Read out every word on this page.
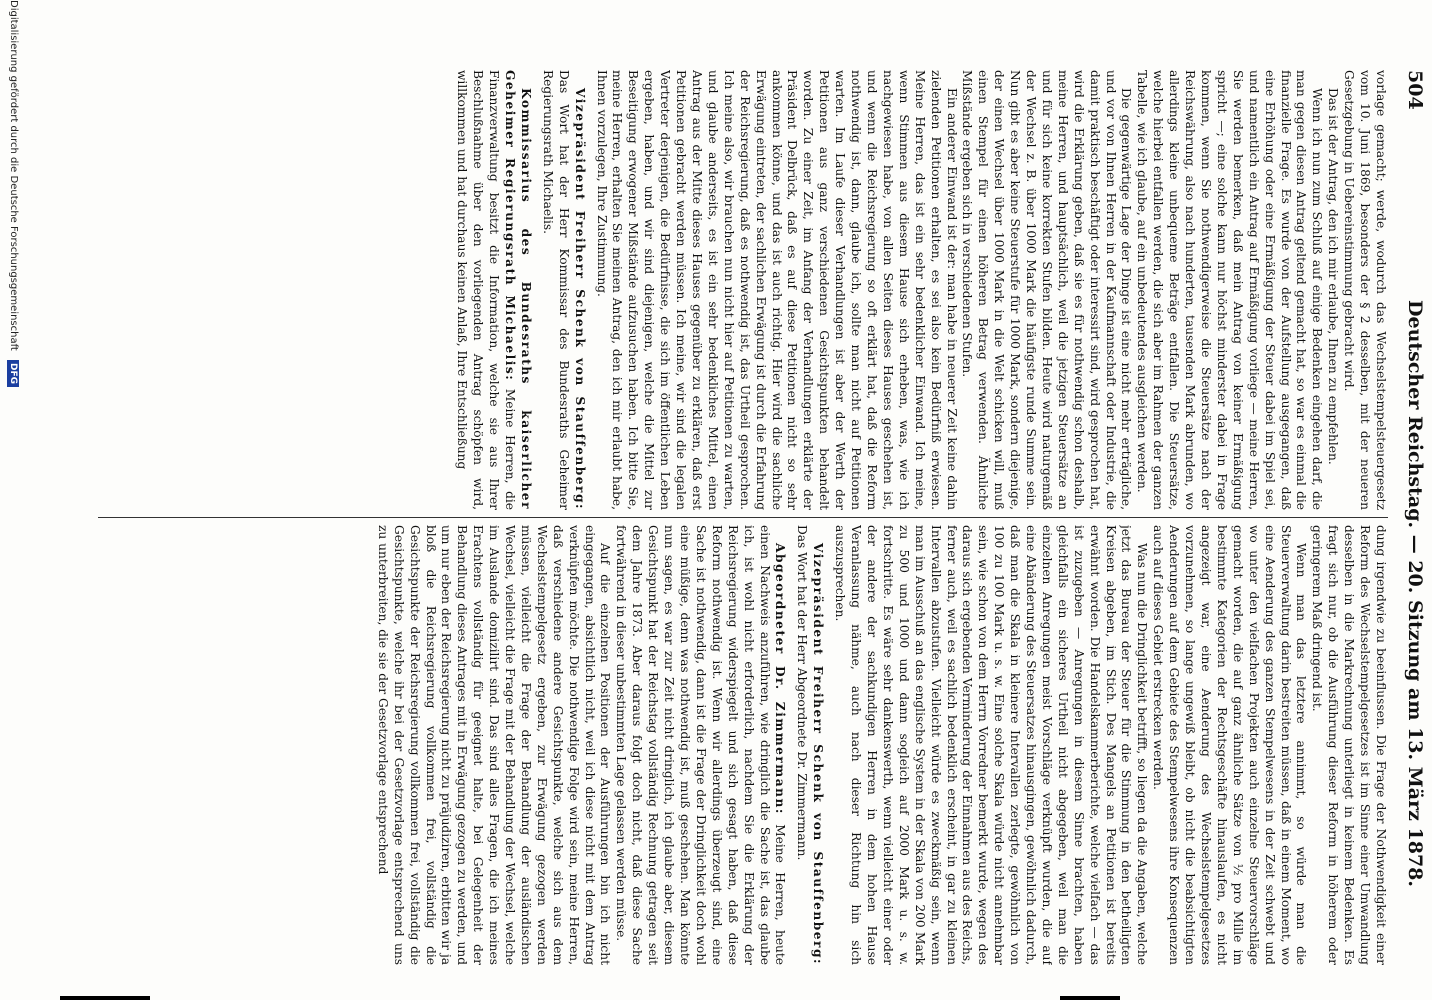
504
Deutscher Reichstag. — 20. Sitzung am 13. März 1878.

vorlage gemacht; werde, wodurch das Wechselstempelsteuergesetz vom 10. Juni 1869, besonders der § 2 desselben, mit der neueren Gesetzgebung in Uebereinstimmung gebracht wird.

Das ist der Antrag, den ich mir erlaube, Ihnen zu empfehlen.

Wenn ich nun zum Schluß auf einige Bedenken eingehen darf, die man gegen diesen Antrag geltend gemacht hat, so war es einmal die finanzielle Frage. Es wurde von der Aufstellung ausgegangen, daß eine Erhöhung oder eine Ermäßigung der Steuer dabei im Spiel sei, und namentlich ein Antrag auf Ermäßigung vorliege — meine Herren, Sie werden bemerken, daß mein Antrag von keiner Ermäßigung spricht —; eine solche kann nur höchst minderster dabei in Frage kommen, wenn Sie nothwendigerweise die Steuersätze nach der Reichswährung, also nach hunderten, tausenden Mark abrunden, wo allerdings kleine unbequeme Beträge entfallen. Die Steuersätze, welche hierbei entfallen werden, die sich aber im Rahmen der ganzen Tabelle, wie ich glaube, auf ein unbedeutendes ausgleichen werden.

Die gegenwärtige Lage der Dinge ist eine nicht mehr erträgliche, und vor von Ihnen Herren in der Kaufmannschaft oder Industrie, die damit praktisch beschäftigt oder interessirt sind, wird gesprochen hat, wird die Erklärung geben, daß sie es für nothwendig schon deshalb, meine Herren, und hauptsächlich, weil die jetzigen Steuersätze an und für sich keine korrekten Stufen bilden. Heute wird naturgemäß der Wechsel z. B. über 1000 Mark die häufigste runde Summe sein. Nun gibt es aber keine Steuerstufe für 1000 Mark, sondern diejenige, der einen Wechsel über 1000 Mark in die Welt schicken will, muß einen Stempel für einen höheren Betrag verwenden. Ähnliche Mißstände ergeben sich in verschiedenen Stufen.

Ein anderer Einwand ist der: man habe in neuerer Zeit keine dahin zielenden Petitionen erhalten, es sei also kein Bedürfniß erwiesen. Meine Herren, das ist ein sehr bedenklicher Einwand. Ich meine, wenn Stimmen aus diesem Hause sich erheben, was, wie ich nachgewiesen habe, von allen Seiten dieses Hauses geschehen ist, und wenn die Reichsregierung so oft erklärt hat, daß die Reform nothwendig ist, dann, glaube ich, sollte man nicht auf Petitionen warten. Im Laufe dieser Verhandlungen ist aber der Werth der Petitionen aus ganz verschiedenen Gesichtspunkten behandelt worden. Zu einer Zeit, im Anfang der Verhandlungen erklärte der Präsident Delbrück, daß es auf diese Petitionen nicht so sehr ankommen könne, und das ist auch richtig. Hier wird die sachliche Erwägung eintreten, der sachlichen Erwägung ist durch die Erfahrung der Reichsregierung, daß es nothwendig ist, das Urtheil gesprochen. Ich meine also, wir brauchen nun nicht hier auf Petitionen zu warten, und glaube anderseits, es ist ein sehr bedenkliches Mittel, einen Antrag aus der Mitte dieses Hauses gegenüber zu erklären, daß erst Petitionen gebracht werden müssen. Ich meine, wir sind die legalen Vertreter derjenigen, die Bedürfnisse, die sich im öffentlichen Leben ergeben, haben, und wir sind diejenigen, welche die Mittel zur Beseitigung erwogener Mißstände aufzusuchen haben. Ich bitte Sie, meine Herren, erhalten Sie meinen Antrag, den ich mir erlaubt habe, Ihnen vorzulegen, Ihre Zustimmung.

Vizepräsident Freiherr Schenk von Stauffenberg: Das Wort hat der Herr Kommissar des Bundesraths Geheimer Regierungsrath Michaelis.

Kommissarius des Bundesraths kaiserlicher Geheimer Regierungsrath Michaelis: Meine Herren, die Finanzverwaltung besitzt die Information, welche sie aus Ihrer Beschlußnahme über den vorliegenden Antrag schöpfen wird, willkommen und hat durchaus keinen Anlaß, Ihre Entschließung

dung irgendwie zu beeinflussen. Die Frage der Nothwendigkeit einer Reform des Wechselstempelgesetzes ist im Sinne einer Umwandlung desselben in die Markrechnung unterliegt in keinem Bedenken. Es fragt sich nur, ob die Ausführung dieser Reform in höherem oder geringerem Maß dringend ist.

Wenn man das letztere annimmt, so würde man die Steuerverwaltung darin bestreiten müssen, daß in einem Moment, wo eine Aenderung des ganzen Stempelwesens in der Zeit schwebt und wo unter den vielfachen Projekten auch einzelne Steuervorschläge gemacht worden, die auf ganz ähnliche Sätze von ½ pro Mille im bestimmte Kategorien der Rechtsgeschäfte hinauslaufen, es nicht angezeigt war, eine Aenderung des Wechselstempelgesetzes vorzunehmen, so lange ungewiß bleibt, ob nicht die beabsichtigten Aenderungen auf dem Gebiete des Stempelwesens ihre Konsequenzen auch auf dieses Gebiet erstrecken werden.

Was nun die Dringlichkeit betrifft, so liegen da die Angaben, welche jetzt das Bureau der Steuer für die Stimmung in den betheiligten Kreisen abgeben, im Stich. Des Mangels an Petitionen ist bereits erwähnt worden. Die Handelskammerberichte, welche vielfach — das ist zuzugeben — Anregungen in diesem Sinne brachten, haben gleichfalls ein sicheres Urtheil nicht abgegeben, weil man die einzelnen Anregungen meist Vorschläge verknüpft wurden, die auf eine Abänderung des Steuersatzes hinausgingen, gewöhnlich dadurch, daß man die Skala in kleinere Intervallen zerlegte, gewöhnlich von 100 zu 100 Mark u. s. w. Eine solche Skala würde nicht annehmbar sein, wie schon von dem Herrn Vorredner bemerkt wurde, wegen des daraus sich ergebenden Verminderung der Einnahmen aus des Reichs, ferner auch, weil es sachlich bedenklich erscheint, in gar zu kleinen Intervallen abzustufen. Vielleicht würde es zweckmäßig sein, wenn man im Ausschuß an das englische System in der Skala von 200 Mark zu 500 und 1000 und dann sogleich auf 2000 Mark u. s. w. fortschritte. Es wäre sehr dankenswerth, wenn vielleicht einer oder der andere der sachkundigen Herren in dem hohen Hause Veranlassung nähme, auch nach dieser Richtung hin sich auszusprechen.

Vizepräsident Freiherr Schenk von Stauffenberg: Das Wort hat der Herr Abgeordnete Dr. Zimmermann.

Abgeordneter Dr. Zimmermann: Meine Herren, heute einen Nachweis anzuführen, wie dringlich die Sache ist, das glaube ich, ist wohl nicht erforderlich, nachdem Sie die Erklärung der Reichsregierung widerspiegelt und sich gesagt haben, daß diese Reform nothwendig ist. Wenn wir allerdings überzeugt sind, eine Sache ist nothwendig, dann ist die Frage der Dringlichkeit doch wohl eine müßige, denn was nothwendig ist, muß geschehen. Man könnte nun sagen, es war zur Zeit nicht dringlich, ich glaube aber, diesem Gesichtspunkt hat der Reichstag vollständig Rechnung getragen seit dem Jahre 1873. Aber daraus folgt doch nicht, daß diese Sache fortwährend in dieser unbestimmten Lage gelassen werden müsse.

Auf die einzelnen Positionen der Ausführungen bin ich nicht eingegangen, absichtlich nicht, weil ich diese nicht mit dem Antrag verknüpfen möchte. Die nothwendige Folge wird sein, meine Herren, daß verschiedene andere Gesichtspunkte, welche sich aus dem Wechselstempelgesetz ergeben, zur Erwägung gezogen werden müssen, vielleicht die Frage der Behandlung der ausländischen Wechsel, vielleicht die Frage mit der Behandlung der Wechsel, welche im Auslande domizilirt sind. Das sind alles Fragen, die ich meines Erachtens vollständig für geeignet halte, bei Gelegenheit der Behandlung dieses Antrages mit in Erwägung gezogen zu werden, und um nur eben der Reichsregierung nicht zu präjudiziren, erbitten wir ja bloß die Reichsregierung vollkommen frei, vollständig die Gesichtspunkte der Reichsregierung vollkommen frei, vollständig die Gesichtspunkte, welche ihr bei der Gesetzvorlage entsprechend uns zu unterbreiten, die sie der Gesetzvorlage entsprechend

Digitalisierung gefördert durch die Deutsche Forschungsgemeinschaft DFG
